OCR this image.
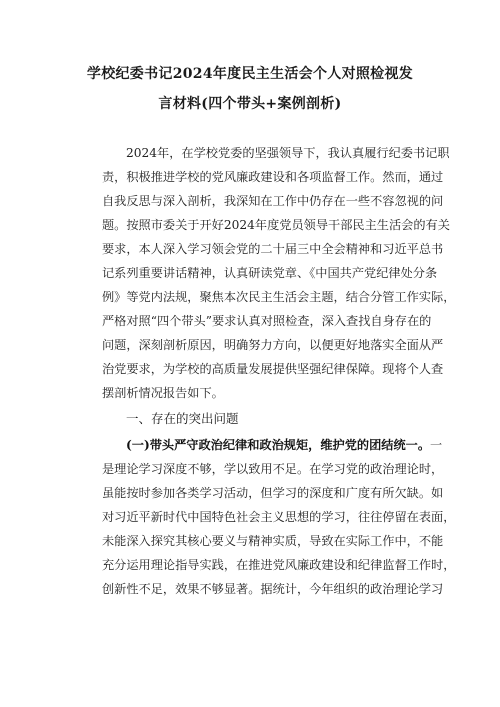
学校纪委书记2024年度民主生活会个人对照检视发
言材料(四个带头+案例剖析)
2024年，在学校党委的坚强领导下，我认真履行纪委书记职
责，积极推进学校的党风廉政建设和各项监督工作。然而，通过
自我反思与深入剖析，我深知在工作中仍存在一些不容忽视的问
题。按照市委关于开好2024年度党员领导干部民主生活会的有关
要求，本人深入学习领会党的二十届三中全会精神和习近平总书
记系列重要讲话精神，认真研读党章、《中国共产党纪律处分条
例》等党内法规，聚焦本次民主生活会主题，结合分管工作实际，
严格对照“四个带头”要求认真对照检查，深入查找自身存在的
问题，深刻剖析原因，明确努力方向，以便更好地落实全面从严
治党要求，为学校的高质量发展提供坚强纪律保障。现将个人查
摆剖析情况报告如下。
一、存在的突出问题
(一)带头严守政治纪律和政治规矩，维护党的团结统一。一
是理论学习深度不够，学以致用不足。在学习党的政治理论时，
虽能按时参加各类学习活动，但学习的深度和广度有所欠缺。如
对习近平新时代中国特色社会主义思想的学习，往往停留在表面，
未能深入探究其核心要义与精神实质，导致在实际工作中，不能
充分运用理论指导实践，在推进党风廉政建设和纪律监督工作时，
创新性不足，效果不够显著。据统计，今年组织的政治理论学习
